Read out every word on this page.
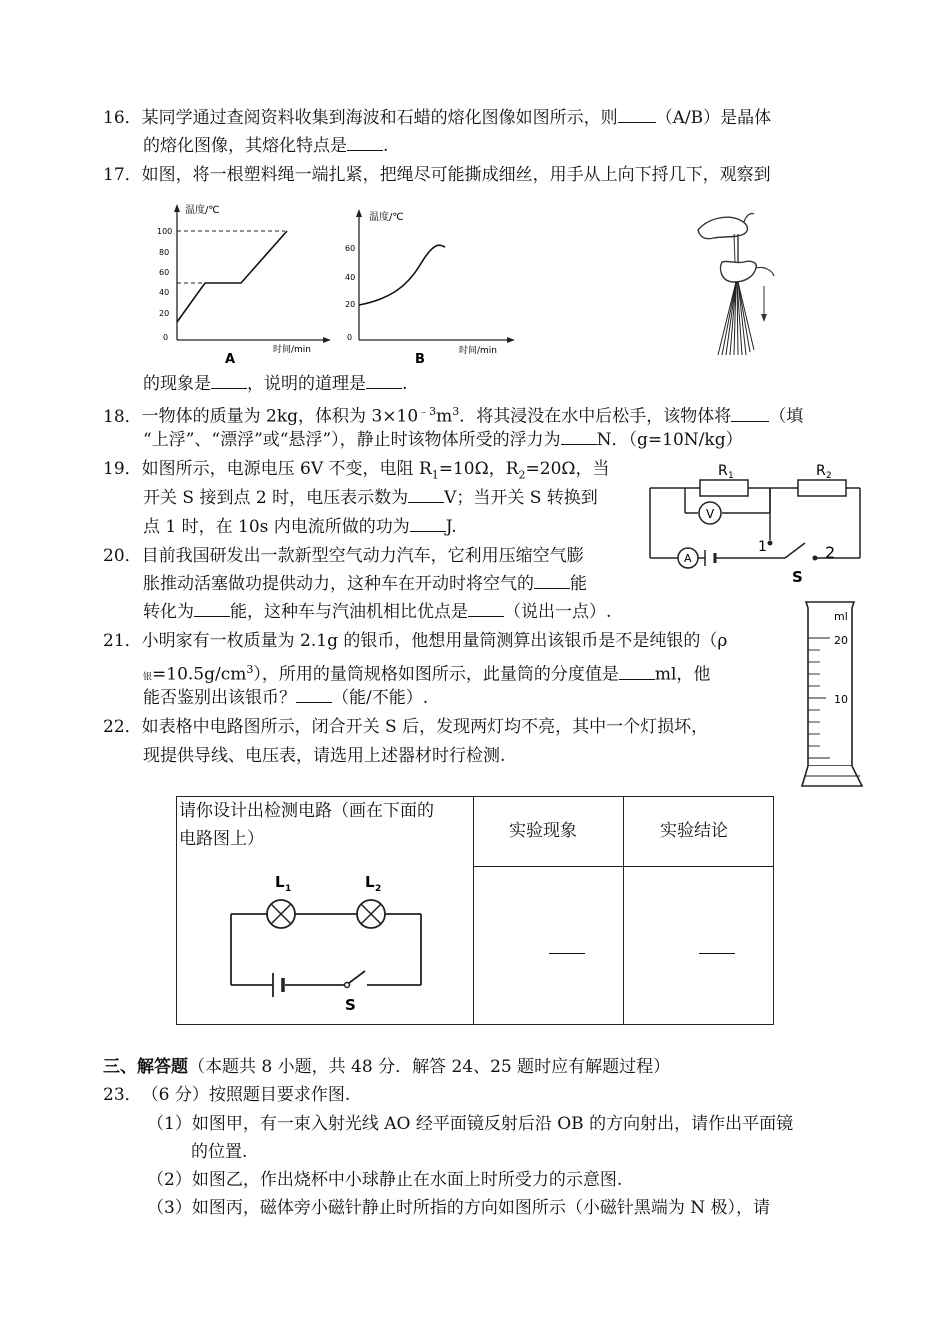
16．某同学通过查阅资料收集到海波和石蜡的熔化图像如图所示，则 （A/B）是晶体
的熔化图像，其熔化特点是 .
17．如图，将一根塑料绳一端扎紧，把绳尽可能撕成细丝，用手从上向下捋几下，观察到
温度/℃
100
80
60
40
20
0
时间/min
A
温度/℃
60
40
20
0
时间/min
B
的现象是 ，说明的道理是 .
18．一物体的质量为 2kg，体积为 $3\times 10^{﹣3}m^3$．将其浸没在水中后松手，该物体将 （填
“上浮”、“漂浮”或“悬浮”），静止时该物体所受的浮力为 N．（g=10N/kg）
19．如图所示，电源电压 6V 不变，电阻 $R_1=10\Omega$，$R_2=20\Omega$，当
开关 S 接到点 2 时，电压表示数为 V；当开关 S 转换到
点 1 时，在 10s 内电流所做的功为 J.
R 1	R 2
V
A
1	2
S
20．目前我国研发出一款新型空气动力汽车，它利用压缩空气膨
胀推动活塞做功提供动力，这种车在开动时将空气的 能
转化为 能，这种车与汽油机相比优点是 （说出一点）.
21．小明家有一枚质量为 2.1g 的银币，他想用量筒测算出该银币是不是纯银的（ρ
银$=10.5g/cm^3$），所用的量筒规格如图所示，此量筒的分度值是 ml，他
能否鉴别出该银币？ （能/不能）.
ml
20
10
22．如表格中电路图所示，闭合开关 S 后，发现两灯均不亮，其中一个灯损坏，
现提供导线、电压表，请选用上述器材时行检测.
请你设计出检测电路（画在下面的
电路图上）	实验现象	实验结论
L 1	L 2
S
三、解答题（本题共 8 小题，共 48 分．解答 24、25 题时应有解题过程）
23．（6 分）按照题目要求作图.
（1）如图甲，有一束入射光线 AO 经平面镜反射后沿 OB 的方向射出，请作出平面镜
的位置.
（2）如图乙，作出烧杯中小球静止在水面上时所受力的示意图.
（3）如图丙，磁体旁小磁针静止时所指的方向如图所示（小磁针黑端为 N 极），请
